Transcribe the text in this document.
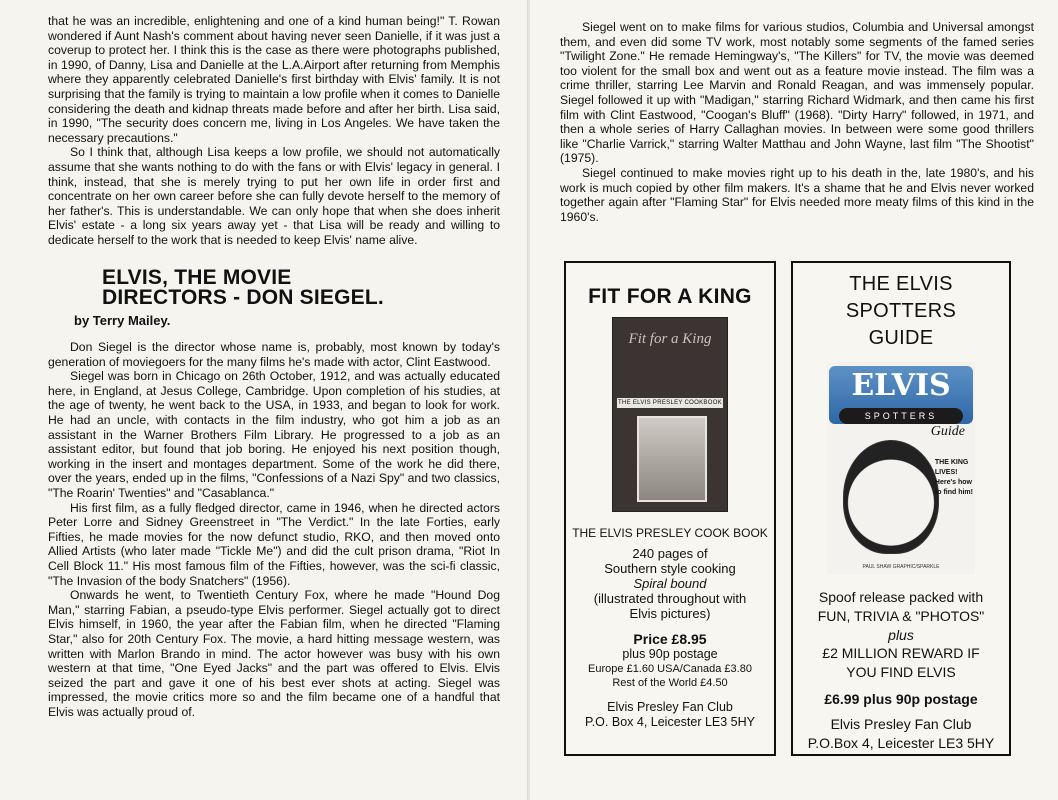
that he was an incredible, enlightening and one of a kind human being!" T. Rowan wondered if Aunt Nash's comment about having never seen Danielle, if it was just a coverup to protect her. I think this is the case as there were photographs published, in 1990, of Danny, Lisa and Danielle at the L.A.Airport after returning from Memphis where they apparently celebrated Danielle's first birthday with Elvis' family. It is not surprising that the family is trying to maintain a low profile when it comes to Danielle considering the death and kidnap threats made before and after her birth. Lisa said, in 1990, "The security does concern me, living in Los Angeles. We have taken the necessary precautions."

So I think that, although Lisa keeps a low profile, we should not automatically assume that she wants nothing to do with the fans or with Elvis' legacy in general. I think, instead, that she is merely trying to put her own life in order first and concentrate on her own career before she can fully devote herself to the memory of her father's. This is understandable. We can only hope that when she does inherit Elvis' estate - a long six years away yet - that Lisa will be ready and willing to dedicate herself to the work that is needed to keep Elvis' name alive.

ELVIS, THE MOVIE
DIRECTORS - DON SIEGEL.
by Terry Mailey.

Don Siegel is the director whose name is, probably, most known by today's generation of moviegoers for the many films he's made with actor, Clint Eastwood.

Siegel was born in Chicago on 26th October, 1912, and was actually educated here, in England, at Jesus College, Cambridge. Upon completion of his studies, at the age of twenty, he went back to the USA, in 1933, and began to look for work. He had an uncle, with contacts in the film industry, who got him a job as an assistant in the Warner Brothers Film Library. He progressed to a job as an assistant editor, but found that job boring. He enjoyed his next position though, working in the insert and montages department. Some of the work he did there, over the years, ended up in the films, "Confessions of a Nazi Spy" and two classics, "The Roarin' Twenties" and "Casablanca."

His first film, as a fully fledged director, came in 1946, when he directed actors Peter Lorre and Sidney Greenstreet in "The Verdict." In the late Forties, early Fifties, he made movies for the now defunct studio, RKO, and then moved onto Allied Artists (who later made "Tickle Me") and did the cult prison drama, "Riot In Cell Block 11." His most famous film of the Fifties, however, was the sci-fi classic, "The Invasion of the body Snatchers" (1956).

Onwards he went, to Twentieth Century Fox, where he made "Hound Dog Man," starring Fabian, a pseudo-type Elvis performer. Siegel actually got to direct Elvis himself, in 1960, the year after the Fabian film, when he directed "Flaming Star," also for 20th Century Fox. The movie, a hard hitting message western, was written with Marlon Brando in mind. The actor however was busy with his own western at that time, "One Eyed Jacks" and the part was offered to Elvis. Elvis seized the part and gave it one of his best ever shots at acting. Siegel was impressed, the movie critics more so and the film became one of a handful that Elvis was actually proud of.

Siegel went on to make films for various studios, Columbia and Universal amongst them, and even did some TV work, most notably some segments of the famed series "Twilight Zone." He remade Hemingway's, "The Killers" for TV, the movie was deemed too violent for the small box and went out as a feature movie instead. The film was a crime thriller, starring Lee Marvin and Ronald Reagan, and was immensely popular. Siegel followed it up with "Madigan," starring Richard Widmark, and then came his first film with Clint Eastwood, "Coogan's Bluff" (1968). "Dirty Harry" followed, in 1971, and then a whole series of Harry Callaghan movies. In between were some good thrillers like "Charlie Varrick," starring Walter Matthau and John Wayne, last film "The Shootist" (1975).

Siegel continued to make movies right up to his death in the, late 1980's, and his work is much copied by other film makers. It's a shame that he and Elvis never worked together again after "Flaming Star" for Elvis needed more meaty films of this kind in the 1960's.

FIT FOR A KING
Fit for a King
THE ELVIS PRESLEY COOKBOOK
THE ELVIS PRESLEY COOK BOOK
240 pages of
Southern style cooking
Spiral bound
(illustrated throughout with
Elvis pictures)
Price £8.95
plus 90p postage
Europe £1.60 USA/Canada £3.80
Rest of the World £4.50
Elvis Presley Fan Club
P.O. Box 4, Leicester LE3 5HY
THE ELVIS SPOTTERS
GUIDE
ELVIS
SPOTTERS
Guide
THE KING
LIVES!
Here's how
to find him!
PAUL SHAW GRAPHIC/SPARKLE
Spoof release packed with
FUN, TRIVIA & "PHOTOS"
plus
£2 MILLION REWARD IF
YOU FIND ELVIS
£6.99 plus 90p postage
Elvis Presley Fan Club
P.O.Box 4, Leicester LE3 5HY
